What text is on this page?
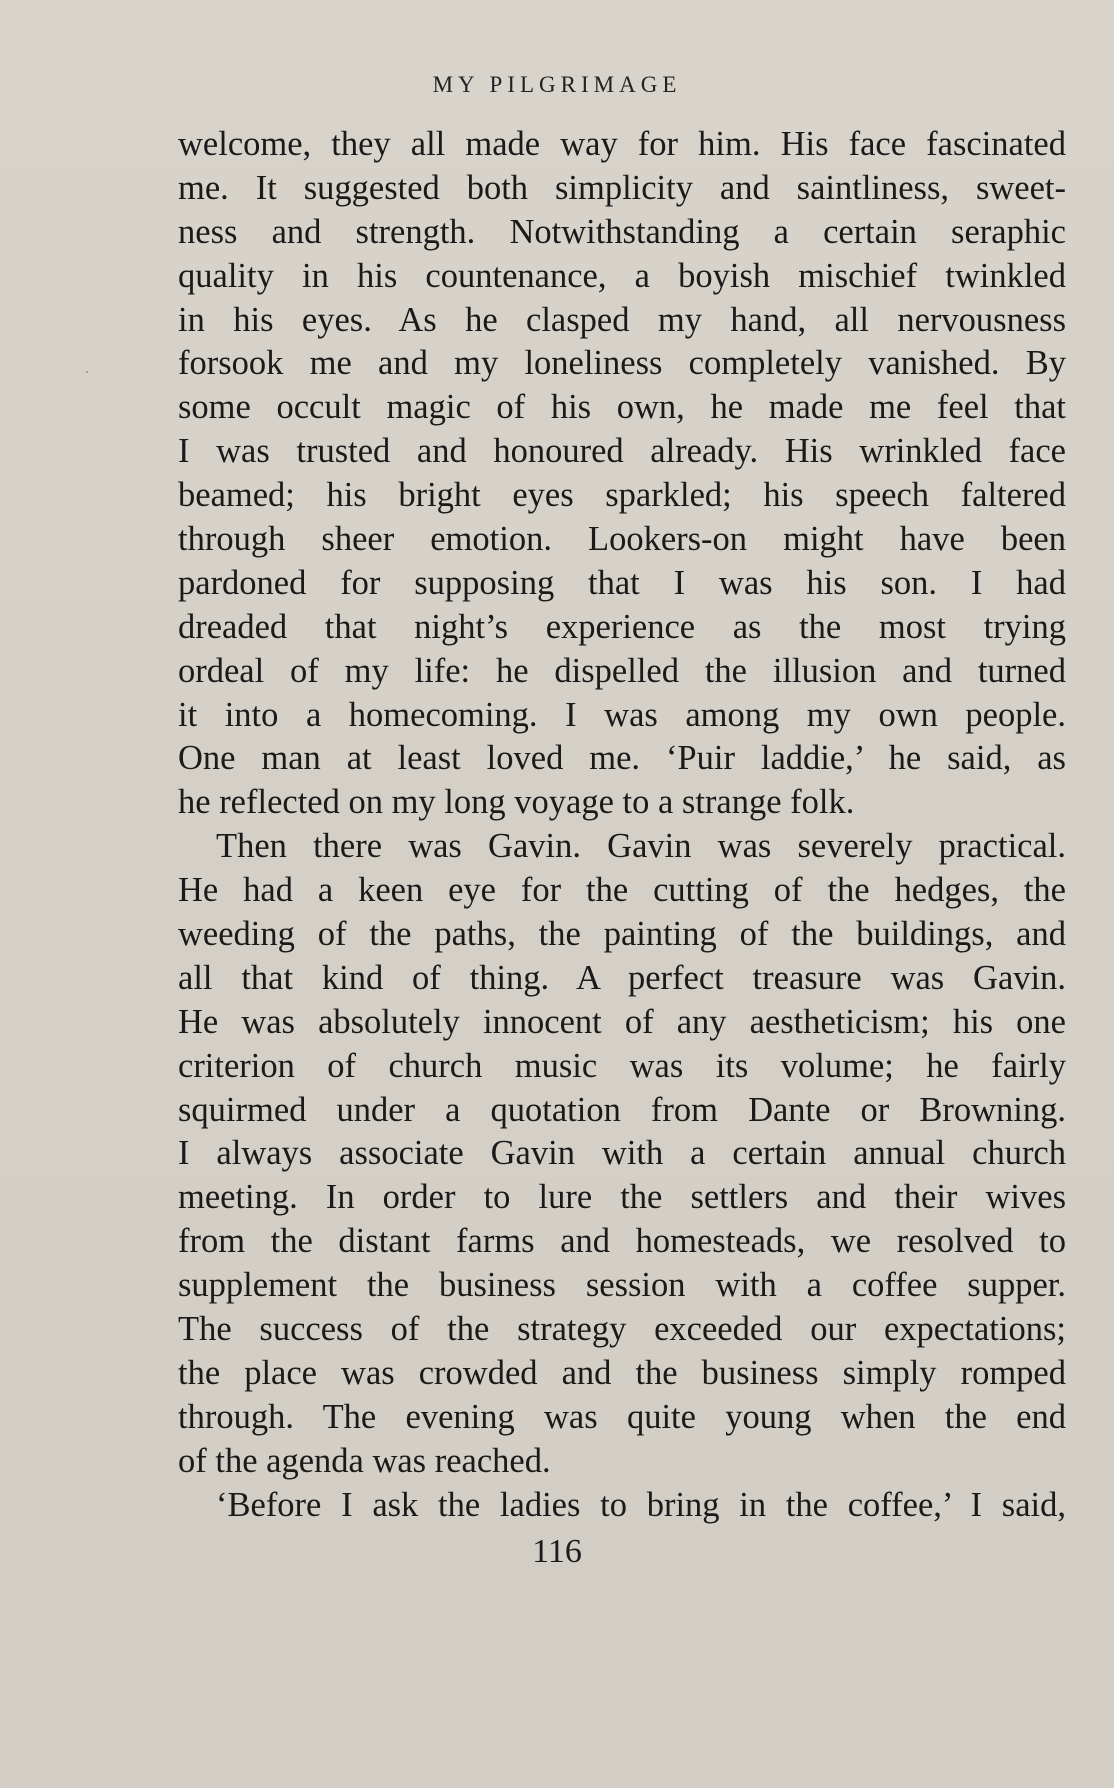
MY PILGRIMAGE
welcome, they all made way for him. His face fascinated
me. It suggested both simplicity and saintliness, sweet-
ness and strength. Notwithstanding a certain seraphic
quality in his countenance, a boyish mischief twinkled
in his eyes. As he clasped my hand, all nervousness
forsook me and my loneliness completely vanished. By
some occult magic of his own, he made me feel that
I was trusted and honoured already. His wrinkled face
beamed; his bright eyes sparkled; his speech faltered
through sheer emotion. Lookers-on might have been
pardoned for supposing that I was his son. I had
dreaded that night’s experience as the most trying
ordeal of my life: he dispelled the illusion and turned
it into a homecoming. I was among my own people.
One man at least loved me. ‘Puir laddie,’ he said, as
he reflected on my long voyage to a strange folk.
Then there was Gavin. Gavin was severely practical.
He had a keen eye for the cutting of the hedges, the
weeding of the paths, the painting of the buildings, and
all that kind of thing. A perfect treasure was Gavin.
He was absolutely innocent of any aestheticism; his one
criterion of church music was its volume; he fairly
squirmed under a quotation from Dante or Browning.
I always associate Gavin with a certain annual church
meeting. In order to lure the settlers and their wives
from the distant farms and homesteads, we resolved to
supplement the business session with a coffee supper.
The success of the strategy exceeded our expectations;
the place was crowded and the business simply romped
through. The evening was quite young when the end
of the agenda was reached.
‘Before I ask the ladies to bring in the coffee,’ I said,
116
